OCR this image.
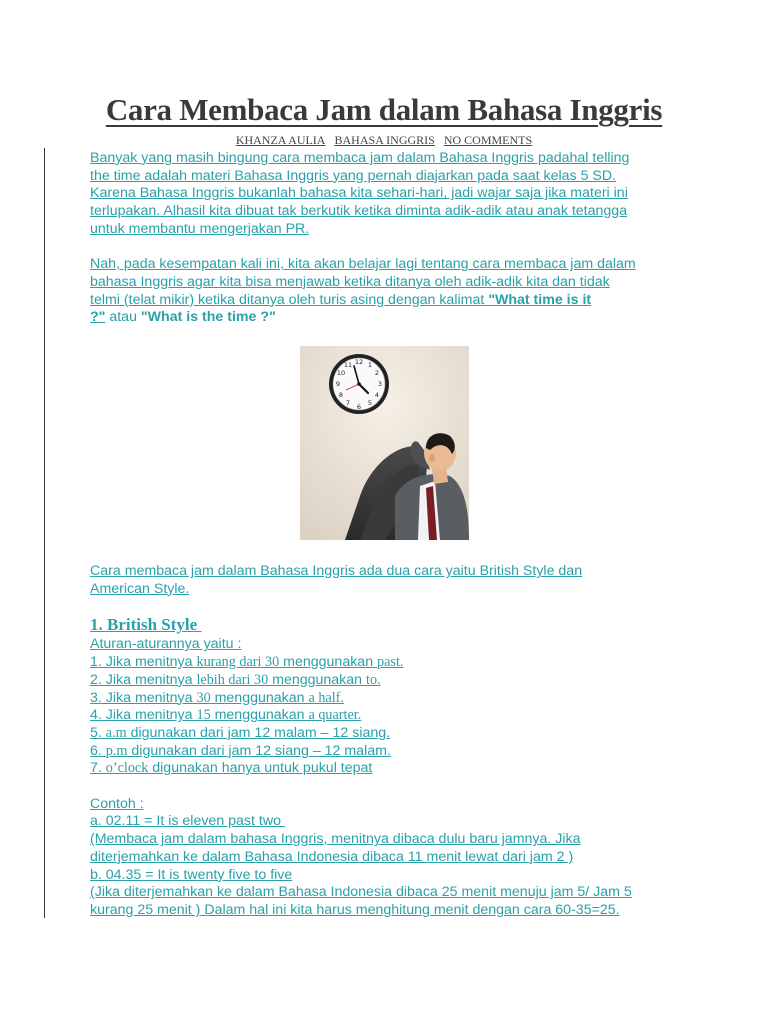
Cara Membaca Jam dalam Bahasa Inggris
KHANZA AULIA BAHASA INGGRIS NO COMMENTS

Banyak yang masih bingung cara membaca jam dalam Bahasa Inggris padahal telling

the time adalah materi Bahasa Inggris yang pernah diajarkan pada saat kelas 5 SD.

Karena Bahasa Inggris bukanlah bahasa kita sehari-hari, jadi wajar saja jika materi ini

terlupakan. Alhasil kita dibuat tak berkutik ketika diminta adik-adik atau anak tetangga

untuk membantu mengerjakan PR.

Nah, pada kesempatan kali ini, kita akan belajar lagi tentang cara membaca jam dalam

bahasa Inggris agar kita bisa menjawab ketika ditanya oleh adik-adik kita dan tidak

telmi (telat mikir) ketika ditanya oleh turis asing dengan kalimat "What time is it

?" atau "What is the time ?"

Cara membaca jam dalam Bahasa Inggris ada dua cara yaitu British Style dan

American Style.

1. British Style

Aturan-aturannya yaitu :

1. Jika menitnya kurang dari 30 menggunakan past.

2. Jika menitnya lebih dari 30 menggunakan to.

3. Jika menitnya 30 menggunakan a half.

4. Jika menitnya 15 menggunakan a quarter.

5. a.m digunakan dari jam 12 malam – 12 siang.

6. p.m digunakan dari jam 12 siang – 12 malam.

7. o’clock digunakan hanya untuk pukul tepat

Contoh :

a. 02.11 = It is eleven past two

(Membaca jam dalam bahasa Inggris, menitnya dibaca dulu baru jamnya. Jika

diterjemahkan ke dalam Bahasa Indonesia dibaca 11 menit lewat dari jam 2 )

b. 04.35 = It is twenty five to five

(Jika diterjemahkan ke dalam Bahasa Indonesia dibaca 25 menit menuju jam 5/ Jam 5

kurang 25 menit ) Dalam hal ini kita harus menghitung menit dengan cara 60-35=25.

12 1
2
3
4
5
6
7
8
9
10
11
